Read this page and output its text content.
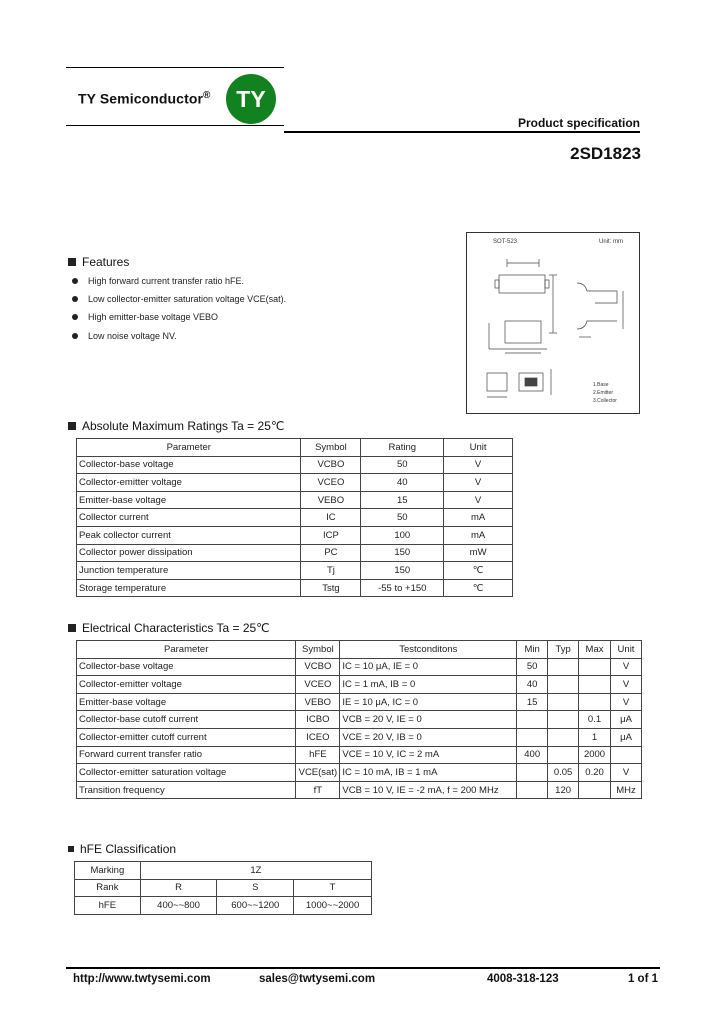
TY Semiconductor® TY
Product specification
2SD1823
SOT-523	Unit: mm
1.Base
2.Emitter
3.Collector
Features
High forward current transfer ratio hFE.
Low collector-emitter saturation voltage VCE(sat).
High emitter-base voltage VEBO
Low noise voltage NV.
Absolute Maximum Ratings Ta = 25℃
Parameter	Symbol	Rating	Unit
Collector-base voltage	VCBO	50	V
Collector-emitter voltage	VCEO	40	V
Emitter-base voltage	VEBO	15	V
Collector current	IC	50	mA
Peak collector current	ICP	100	mA
Collector power dissipation	PC	150	mW
Junction temperature	Tj	150	℃
Storage temperature	Tstg	-55 to +150	℃
Electrical Characteristics Ta = 25℃
Parameter	Symbol	Testconditons	Min	Typ	Max	Unit
Collector-base voltage	VCBO	IC = 10 μA, IE = 0	50			V
Collector-emitter voltage	VCEO	IC = 1 mA, IB = 0	40			V
Emitter-base voltage	VEBO	IE = 10 μA, IC = 0	15			V
Collector-base cutoff current	ICBO	VCB = 20 V, IE = 0			0.1	μA
Collector-emitter cutoff current	ICEO	VCE = 20 V, IB = 0			1	μA
Forward current transfer ratio	hFE	VCE = 10 V, IC = 2 mA	400		2000	
Collector-emitter saturation voltage	VCE(sat)	IC = 10 mA, IB = 1 mA		0.05	0.20	V
Transition frequency	fT	VCB = 10 V, IE = -2 mA, f = 200 MHz		120		MHz
hFE Classification
Marking	1Z		
Rank	R	S	T
hFE	400~~800	600~~1200	1000~~2000
http://www.twtysemi.com	sales@twtysemi.com	4008-318-123	1 of 1
